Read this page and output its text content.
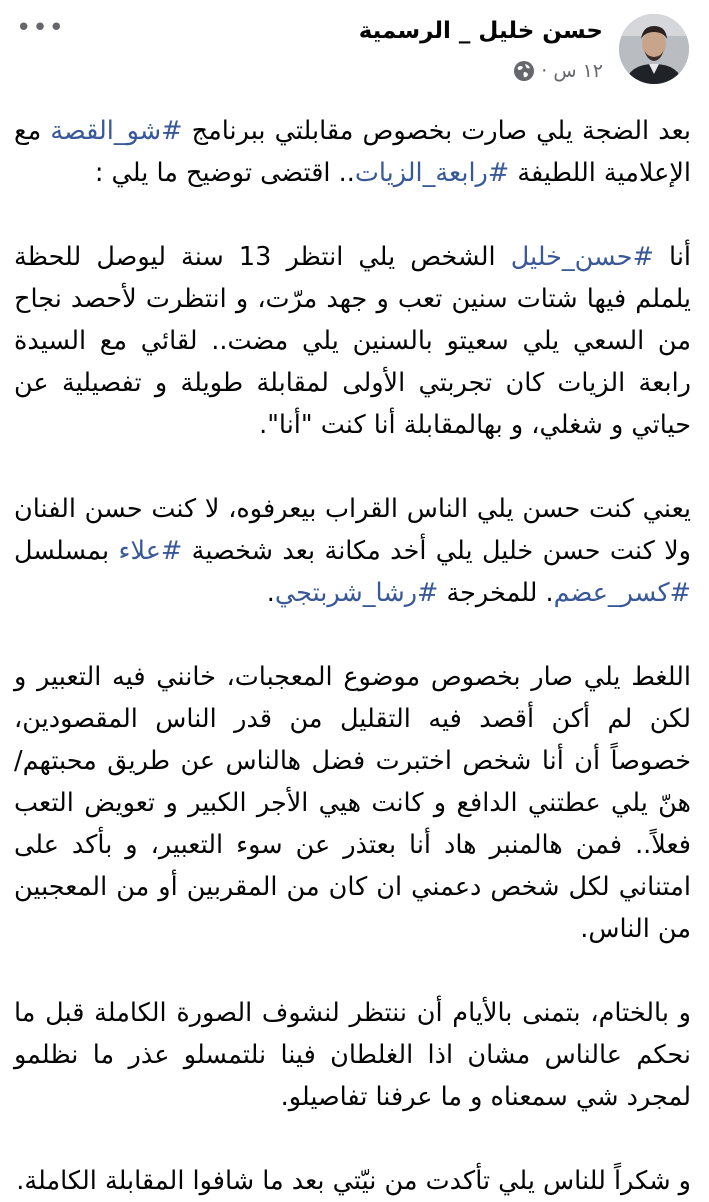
حسن خليل _ الرسمية
١٢ س ·
•••

بعد الضجة يلي صارت بخصوص مقابلتي ببرنامج #شو_القصة مع الإعلامية اللطيفة #رابعة_الزيات.. اقتضى توضيح ما يلي :

أنا #حسن_خليل الشخص يلي انتظر 13 سنة ليوصل للحظة يلملم فيها شتات سنين تعب و جهد مرّت، و انتظرت لأحصد نجاح من السعي يلي سعيتو بالسنين يلي مضت.. لقائي مع السيدة رابعة الزيات كان تجربتي الأولى لمقابلة طويلة و تفصيلية عن حياتي و شغلي، و بهالمقابلة أنا كنت "أنا".

يعني كنت حسن يلي الناس القراب بيعرفوه، لا كنت حسن الفنان ولا كنت حسن خليل يلي أخد مكانة بعد شخصية #علاء بمسلسل #كسر_عضم. للمخرجة #رشا_شربتجي.

اللغط يلي صار بخصوص موضوع المعجبات، خانني فيه التعبير و لكن لم أكن أقصد فيه التقليل من قدر الناس المقصودين، خصوصاً أن أنا شخص اختبرت فضل هالناس عن طريق محبتهم/هنّ يلي عطتني الدافع و كانت هيي الأجر الكبير و تعويض التعب فعلاً.. فمن هالمنبر هاد أنا بعتذر عن سوء التعبير، و بأكد على امتناني لكل شخص دعمني ان كان من المقربين أو من المعجبين من الناس.

و بالختام، بتمنى بالأيام أن ننتظر لنشوف الصورة الكاملة قبل ما نحكم عالناس مشان اذا الغلطان فينا نلتمسلو عذر ما نظلمو لمجرد شي سمعناه و ما عرفنا تفاصيلو.

و شكراً للناس يلي تأكدت من نيّتي بعد ما شافوا المقابلة الكاملة.
